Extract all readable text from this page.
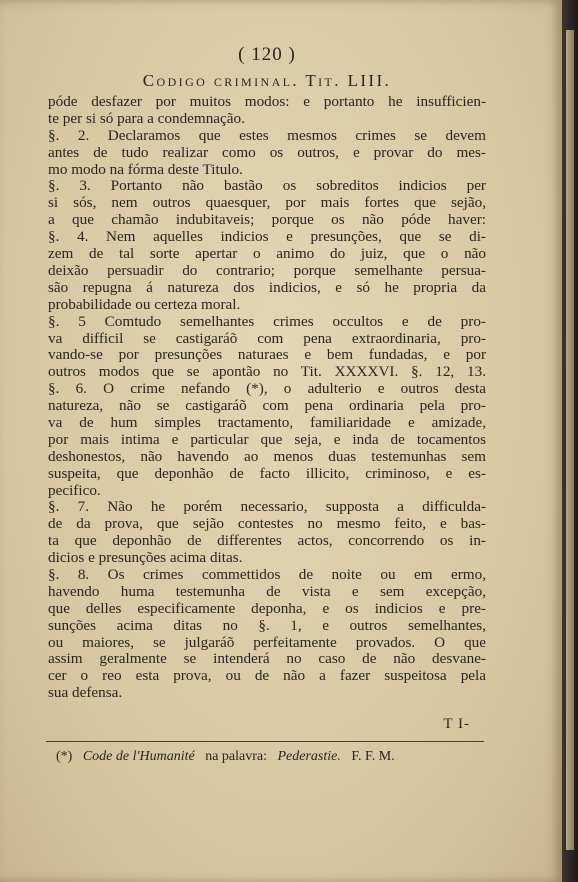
( 120 )
Codigo criminal. Tit. LIII.
póde desfazer por muitos modos: e portanto he insufficien-
te per si só para a condemnação.
§. 2. Declaramos que estes mesmos crimes se devem
antes de tudo realizar como os outros, e provar do mes-
mo modo na fórma deste Titulo.
§. 3. Portanto não bastão os sobreditos indicios per
si sós, nem outros quaesquer, por mais fortes que sejão,
a que chamão indubitaveis; porque os não póde haver:
§. 4. Nem aquelles indicios e presunções, que se di-
zem de tal sorte apertar o animo do juiz, que o não
deixão persuadir do contrario; porque semelhante persua-
são repugna á natureza dos indicios, e só he propria da
probabilidade ou certeza moral.
§. 5 Comtudo semelhantes crimes occultos e de pro-
va difficil se castigaráõ com pena extraordinaria, pro-
vando-se por presunções naturaes e bem fundadas, e por
outros modos que se apontão no Tit. XXXXVI. §. 12, 13.
§. 6. O crime nefando (*), o adulterio e outros desta
natureza, não se castigaráõ com pena ordinaria pela pro-
va de hum simples tractamento, familiaridade e amizade,
por mais intima e particular que seja, e inda de tocamentos
deshonestos, não havendo ao menos duas testemunhas sem
suspeita, que deponhão de facto illicito, criminoso, e es-
pecifico.
§. 7. Não he porém necessario, supposta a difficulda-
de da prova, que sejão contestes no mesmo feito, e bas-
ta que deponhão de differentes actos, concorrendo os in-
dicios e presunções acima ditas.
§. 8. Os crimes commettidos de noite ou em ermo,
havendo huma testemunha de vista e sem excepção,
que delles especificamente deponha, e os indicios e pre-
sunções acima ditas no §. 1, e outros semelhantes,
ou maiores, se julgaráõ perfeitamente provados. O que
assim geralmente se intenderá no caso de não desvane-
cer o reo esta prova, ou de não a fazer suspeitosa pela
sua defensa.
T I-
(*) Code de l'Humanité na palavra: Pederastie. F. F. M.
